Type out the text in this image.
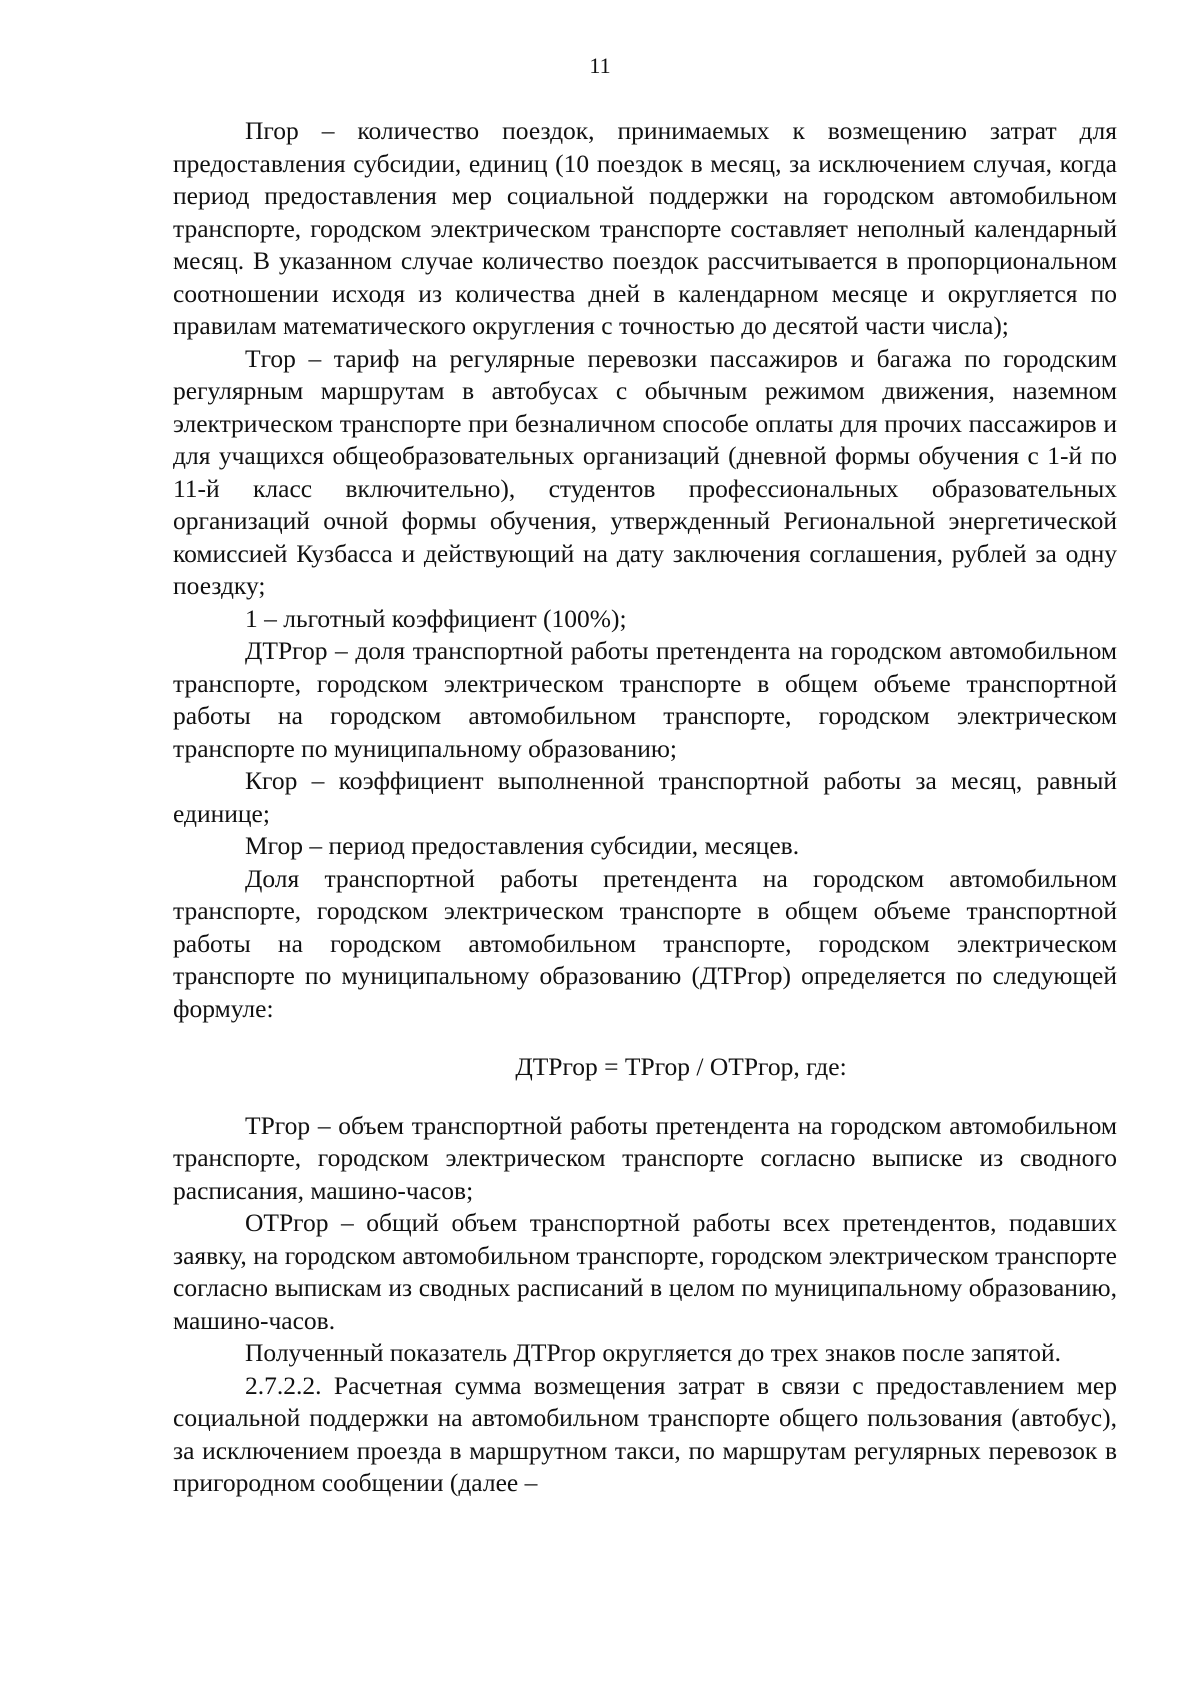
11

Пгор – количество поездок, принимаемых к возмещению затрат для предоставления субсидии, единиц (10 поездок в месяц, за исключением случая, когда период предоставления мер социальной поддержки на городском автомобильном транспорте, городском электрическом транспорте составляет неполный календарный месяц. В указанном случае количество поездок рассчитывается в пропорциональном соотношении исходя из количества дней в календарном месяце и округляется по правилам математического округления с точностью до десятой части числа);

Тгор – тариф на регулярные перевозки пассажиров и багажа по городским регулярным маршрутам в автобусах с обычным режимом движения, наземном электрическом транспорте при безналичном способе оплаты для прочих пассажиров и для учащихся общеобразовательных организаций (дневной формы обучения с 1-й по 11-й класс включительно), студентов профессиональных образовательных организаций очной формы обучения, утвержденный Региональной энергетической комиссией Кузбасса и действующий на дату заключения соглашения, рублей за одну поездку;

1 – льготный коэффициент (100%);

ДТРгор – доля транспортной работы претендента на городском автомобильном транспорте, городском электрическом транспорте в общем объеме транспортной работы на городском автомобильном транспорте, городском электрическом транспорте по муниципальному образованию;

Кгор – коэффициент выполненной транспортной работы за месяц, равный единице;

Мгор – период предоставления субсидии, месяцев.

Доля транспортной работы претендента на городском автомобильном транспорте, городском электрическом транспорте в общем объеме транспортной работы на городском автомобильном транспорте, городском электрическом транспорте по муниципальному образованию (ДТРгор) определяется по следующей формуле:

ДТРгор = ТРгор / ОТРгор, где:

ТРгор – объем транспортной работы претендента на городском автомобильном транспорте, городском электрическом транспорте согласно выписке из сводного расписания, машино-часов;

ОТРгор – общий объем транспортной работы всех претендентов, подавших заявку, на городском автомобильном транспорте, городском электрическом транспорте согласно выпискам из сводных расписаний в целом по муниципальному образованию, машино-часов.

Полученный показатель ДТРгор округляется до трех знаков после запятой.

2.7.2.2. Расчетная сумма возмещения затрат в связи с предоставлением мер социальной поддержки на автомобильном транспорте общего пользования (автобус), за исключением проезда в маршрутном такси, по маршрутам регулярных перевозок в пригородном сообщении (далее –
